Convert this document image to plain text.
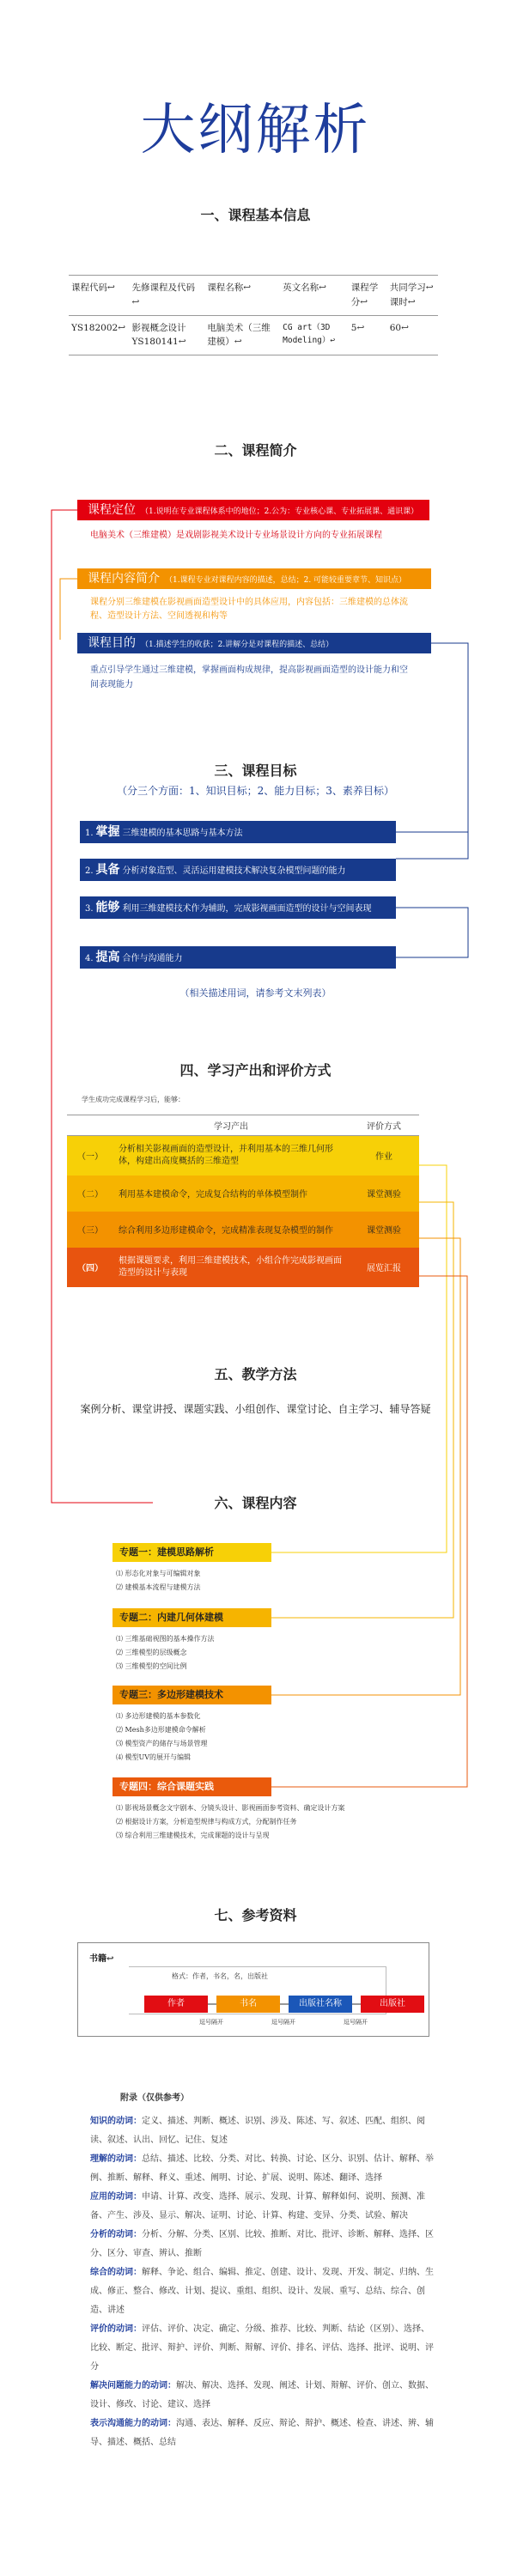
大纲解析
一、课程基本信息
课程代码↩	先修课程及代码↩	课程名称↩	英文名称↩	课程学分↩	共同学习↩课时↩
YS182002↩	影视概念设计YS180141↩	电脑美术（三维建模）↩	CG art（3D Modeling）↩	5↩	60↩
二、课程简介
课程定位 （1.说明在专业课程体系中的地位；2.公为：专业核心课、专业拓展课、通识课）
电脑美术（三维建模）是戏剧影视美术设计专业场景设计方向的专业拓展课程
课程内容简介 （1.课程专业对课程内容的描述，总结；2. 可能较重要章节、知识点）
课程分别三维建模在影视画面造型设计中的具体应用，内容包括：三维建模的总体流程、造型设计方法、空间透视和构等
课程目的 （1.描述学生的收获；2.讲解分是对课程的描述、总结）
重点引导学生通过三维建模，掌握画面构成规律，提高影视画面造型的设计能力和空间表现能力
三、课程目标
（分三个方面：1、知识目标；2、能力目标；3、素养目标）
1. 掌握 三维建模的基本思路与基本方法
2. 具备 分析对象造型、灵活运用建模技术解决复杂模型问题的能力
3. 能够 利用三维建模技术作为辅助，完成影视画面造型的设计与空间表现
4. 提高 合作与沟通能力
（相关描述用词，请参考文末列表）
四、学习产出和评价方式
学生成功完成课程学习后，能够：
	学习产出	评价方式
（一）	分析相关影视画面的造型设计，并利用基本的三维几何形体，构建出高度概括的三维造型	作业
（二）	利用基本建模命令，完成复合结构的单体模型制作	课堂测验
（三）	综合利用多边形建模命令，完成精准表现复杂模型的制作	课堂测验
（四）	根据课题要求，利用三维建模技术，小组合作完成影视画面造型的设计与表现	展览汇报
五、教学方法
案例分析、课堂讲授、课题实践、小组创作、课堂讨论、自主学习、辅导答疑
六、课程内容
专题一：建模思路解析
⑴ 形态化对象与可编辑对象
⑵ 建模基本流程与建模方法
专题二：内建几何体建模
⑴ 三维基础视图的基本操作方法
⑵ 三维模型的层级概念
⑶ 三维模型的空间比例
专题三：多边形建模技术
⑴ 多边形建模的基本参数化
⑵ Mesh多边形建模命令解析
⑶ 模型资产的储存与场景管理
⑷ 模型UV的展开与编辑
专题四：综合课题实践
⑴ 影视场景概念文字剧本、分镜头设计、影视画面参考资料、确定设计方案
⑵ 根据设计方案，分析造型规律与构成方式，分配制作任务
⑶ 综合利用三维建模技术，完成课题的设计与呈现
七、参考资料
书籍↩
格式：作者，书名，名，出版社
作者	书名	出版社名称	出版社
逗号隔开	逗号隔开	逗号隔开
附录（仅供参考）
知识的动词：定义、描述、判断、概述、识别、涉及、陈述、写、叙述、匹配、组织、阅读、叙述、认出、回忆、记住、复述
理解的动词：总结、描述、比较、分类、对比、转换、讨论、区分、识别、估计、解释、举例、推断、解释、释义、重述、阐明、讨论、扩展、说明、陈述、翻译、选择
应用的动词：申请、计算、改变、选择、展示、发现、计算、解释如何、说明、预测、准备、产生、涉及、显示、解决、证明、讨论、计算、构建、变异、分类、试验、解决
分析的动词：分析、分解、分类、区别、比较、推断、对比、批评、诊断、解释、选择、区分、区分、审查、辨认、推断
综合的动词：解释、争论、组合、编辑、推定、创建、设计、发现、开发、制定、归纳、生成、修正、整合、修改、计划、提议、重组、组织、设计、发展、重写、总结、综合、创造、讲述
评价的动词：评估、评价、决定、确定、分级、推荐、比较、判断、结论（区别）、选择、比较、断定、批评、辩护、评价、判断、辩解、评价、排名、评估、选择、批评、说明、评分
解决问题能力的动词：解决、解决、选择、发现、阐述、计划、辩解、评价、创立、数据、设计、修改、讨论、建议、选择
表示沟通能力的动词：沟通、表达、解释、反应、辩论、辩护、概述、检查、讲述、辨、辅导、描述、概括、总结
